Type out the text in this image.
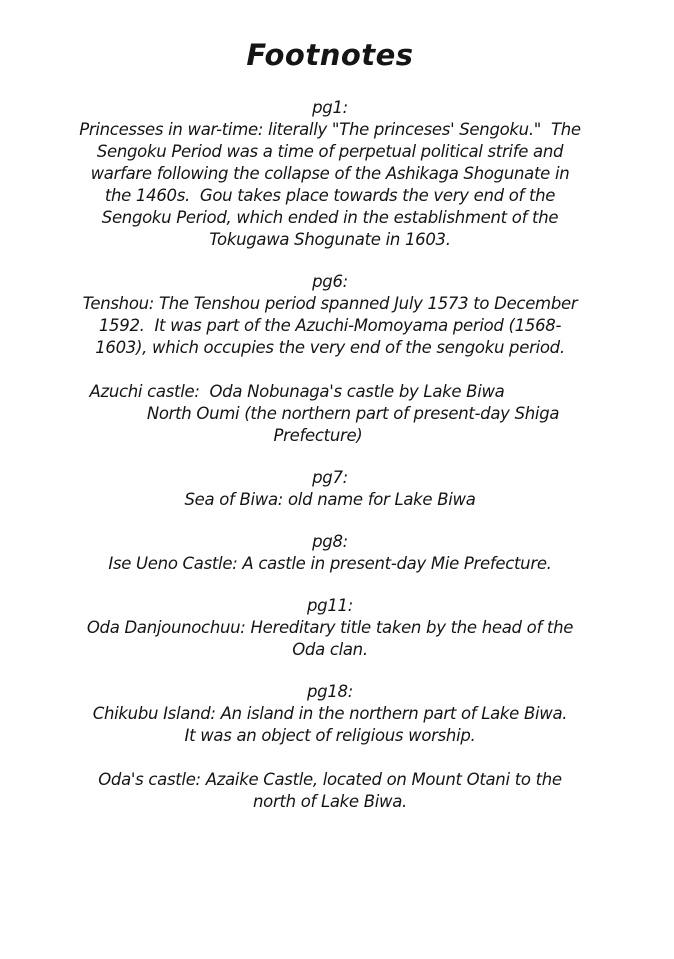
Footnotes
pg1:
Princesses in war-time: literally "The princeses' Sengoku."  The
Sengoku Period was a time of perpetual political strife and
warfare following the collapse of the Ashikaga Shogunate in
the 1460s.  Gou takes place towards the very end of the
Sengoku Period, which ended in the establishment of the
Tokugawa Shogunate in 1603.
pg6:
Tenshou: The Tenshou period spanned July 1573 to December
1592.  It was part of the Azuchi-Momoyama period (1568-
1603), which occupies the very end of the sengoku period.
Azuchi castle:  Oda Nobunaga's castle by Lake Biwa
North Oumi (the northern part of present-day Shiga
Prefecture)
pg7:
Sea of Biwa: old name for Lake Biwa
pg8:
Ise Ueno Castle: A castle in present-day Mie Prefecture.
pg11:
Oda Danjounochuu: Hereditary title taken by the head of the
Oda clan.
pg18:
Chikubu Island: An island in the northern part of Lake Biwa.
It was an object of religious worship.
Oda's castle: Azaike Castle, located on Mount Otani to the
north of Lake Biwa.
